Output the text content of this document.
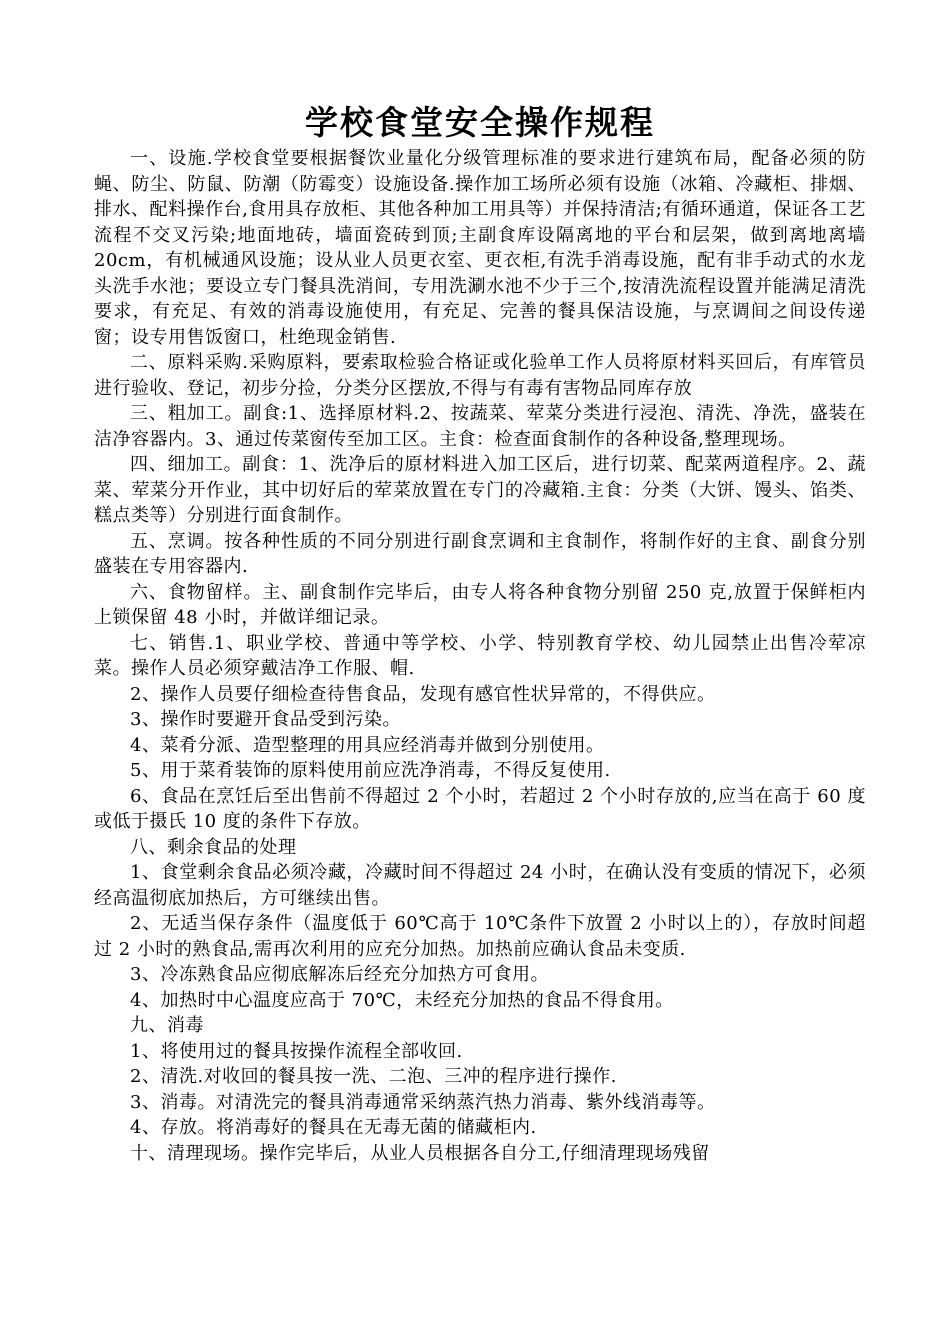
学校食堂安全操作规程

一、设施.学校食堂要根据餐饮业量化分级管理标准的要求进行建筑布局，配备必须的防蝇、防尘、防鼠、防潮（防霉变）设施设备.操作加工场所必须有设施（冰箱、冷藏柜、排烟、排水、配料操作台,食用具存放柜、其他各种加工用具等）并保持清洁;有循环通道，保证各工艺流程不交叉污染;地面地砖，墙面瓷砖到顶;主副食库设隔离地的平台和层架，做到离地离墙 20cm，有机械通风设施；设从业人员更衣室、更衣柜,有洗手消毒设施，配有非手动式的水龙头洗手水池；要设立专门餐具洗消间，专用洗涮水池不少于三个,按清洗流程设置并能满足清洗要求，有充足、有效的消毒设施使用，有充足、完善的餐具保洁设施，与烹调间之间设传递窗；设专用售饭窗口，杜绝现金销售.

二、原料采购.采购原料，要索取检验合格证或化验单工作人员将原材料买回后，有库管员进行验收、登记，初步分捡，分类分区摆放,不得与有毒有害物品同库存放

三、粗加工。副食:1、选择原材料.2、按蔬菜、荤菜分类进行浸泡、清洗、净洗，盛装在洁净容器内。3、通过传菜窗传至加工区。主食：检查面食制作的各种设备,整理现场。

四、细加工。副食：1、洗净后的原材料进入加工区后，进行切菜、配菜两道程序。2、蔬菜、荤菜分开作业，其中切好后的荤菜放置在专门的冷藏箱.主食：分类（大饼、馒头、馅类、糕点类等）分别进行面食制作。

五、烹调。按各种性质的不同分别进行副食烹调和主食制作，将制作好的主食、副食分别盛装在专用容器内.

六、食物留样。主、副食制作完毕后，由专人将各种食物分别留 250 克,放置于保鲜柜内上锁保留 48 小时，并做详细记录。

七、销售.1、职业学校、普通中等学校、小学、特别教育学校、幼儿园禁止出售冷荤凉菜。操作人员必须穿戴洁净工作服、帽.

2、操作人员要仔细检查待售食品，发现有感官性状异常的，不得供应。

3、操作时要避开食品受到污染。

4、菜肴分派、造型整理的用具应经消毒并做到分别使用。

5、用于菜肴装饰的原料使用前应洗净消毒，不得反复使用.

6、食品在烹饪后至出售前不得超过 2 个小时，若超过 2 个小时存放的,应当在高于 60 度或低于摄氏 10 度的条件下存放。

八、剩余食品的处理

1、食堂剩余食品必须冷藏，冷藏时间不得超过 24 小时，在确认没有变质的情况下，必须经高温彻底加热后，方可继续出售。

2、无适当保存条件（温度低于 60℃高于 10℃条件下放置 2 小时以上的），存放时间超过 2 小时的熟食品,需再次利用的应充分加热。加热前应确认食品未变质.

3、冷冻熟食品应彻底解冻后经充分加热方可食用。

4、加热时中心温度应高于 70℃，未经充分加热的食品不得食用。

九、消毒

1、将使用过的餐具按操作流程全部收回.

2、清洗.对收回的餐具按一洗、二泡、三冲的程序进行操作.

3、消毒。对清洗完的餐具消毒通常采纳蒸汽热力消毒、紫外线消毒等。

4、存放。将消毒好的餐具在无毒无菌的储藏柜内.

十、清理现场。操作完毕后，从业人员根据各自分工,仔细清理现场残留
